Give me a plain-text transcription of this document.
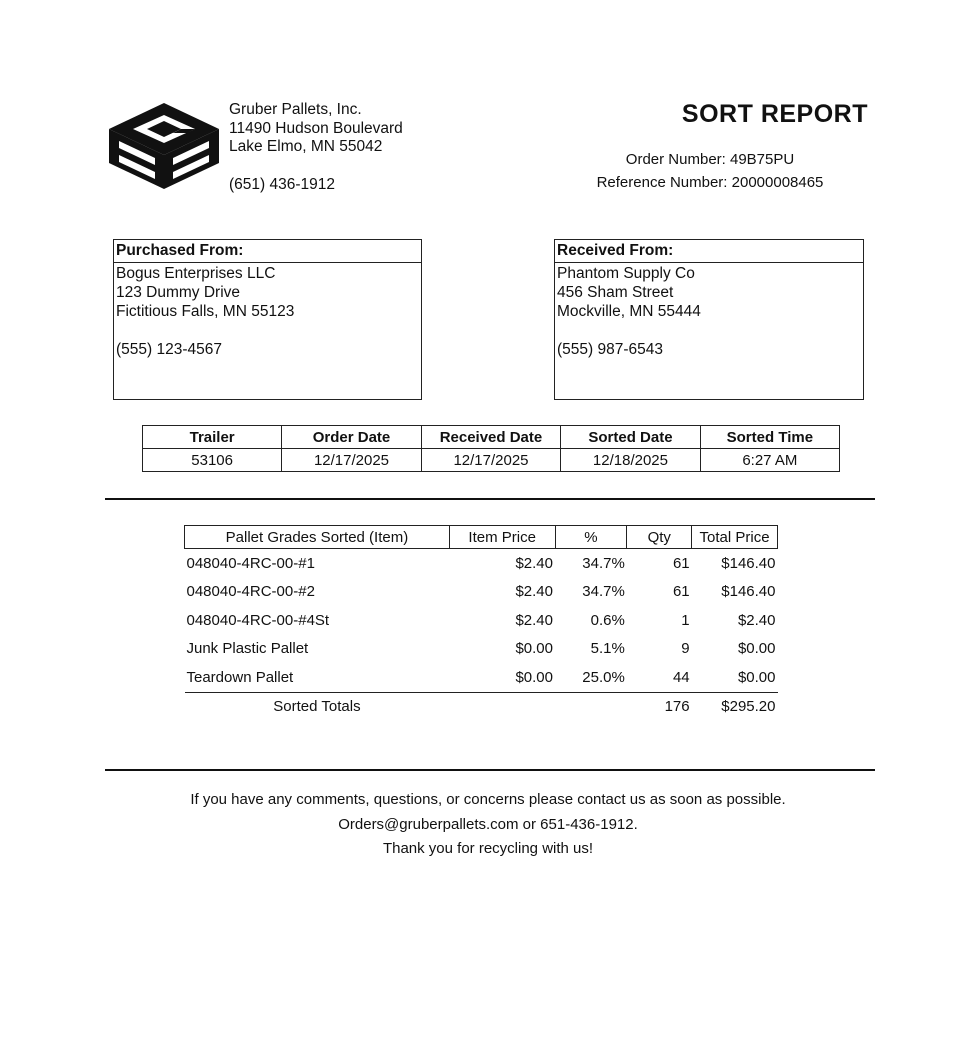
Gruber Pallets, Inc.
11490 Hudson Boulevard
Lake Elmo, MN 55042
(651) 436-1912
SORT REPORT
Order Number: 49B75PU
Reference Number: 20000008465
Purchased From:
Bogus Enterprises LLC
123 Dummy Drive
Fictitious Falls, MN 55123
(555) 123-4567
Received From:
Phantom Supply Co
456 Sham Street
Mockville, MN 55444
(555) 987-6543
Trailer	Order Date	Received Date	Sorted Date	Sorted Time
53106	12/17/2025	12/17/2025	12/18/2025	6:27 AM
Pallet Grades Sorted (Item)	Item Price	%	Qty	Total Price
048040-4RC-00-#1	$2.40	34.7%	61	$146.40
048040-4RC-00-#2	$2.40	34.7%	61	$146.40
048040-4RC-00-#4St	$2.40	0.6%	1	$2.40
Junk Plastic Pallet	$0.00	5.1%	9	$0.00
Teardown Pallet	$0.00	25.0%	44	$0.00
Sorted Totals			176	$295.20
If you have any comments, questions, or concerns please contact us as soon as possible.
Orders@gruberpallets.com or 651-436-1912.
Thank you for recycling with us!
